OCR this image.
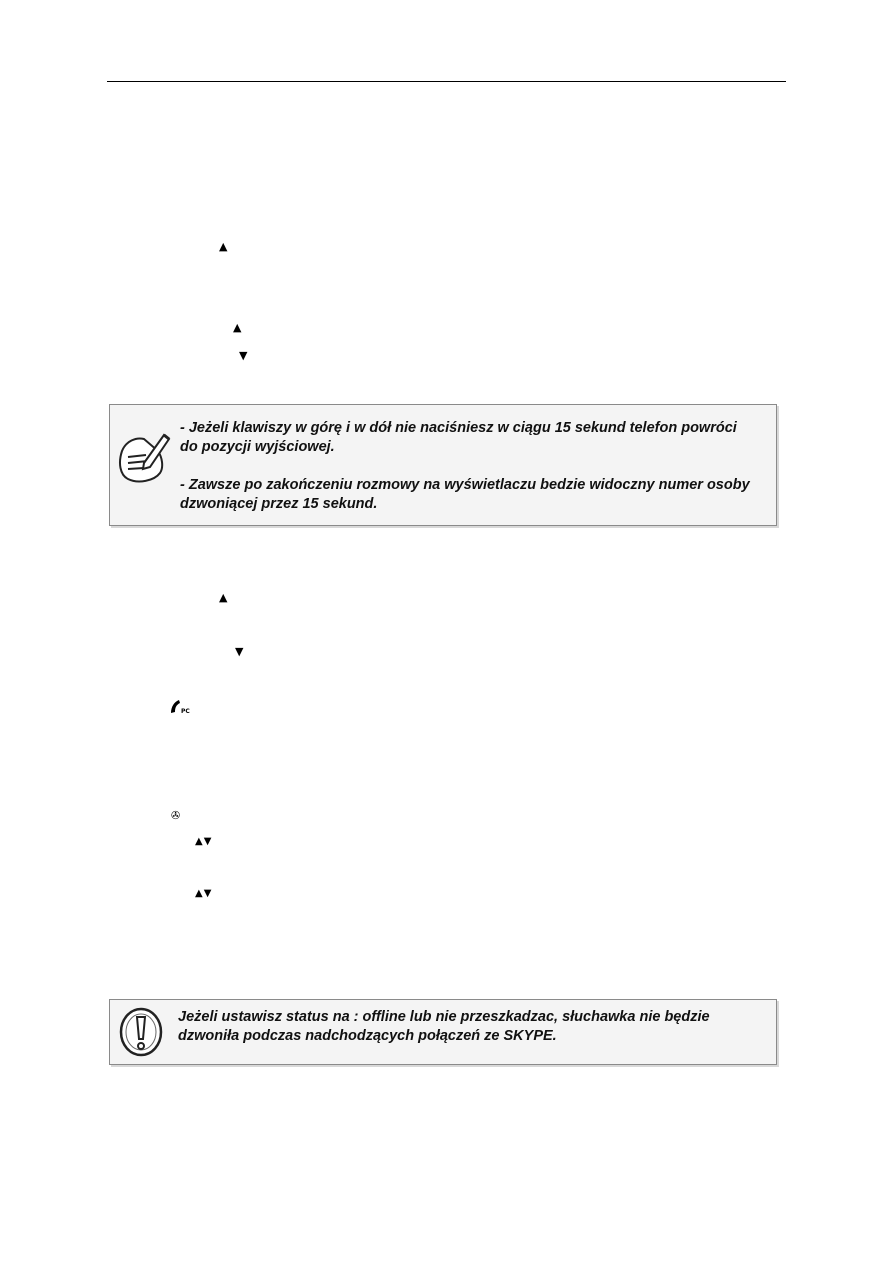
▲
▲
▼

- Jeżeli klawiszy w górę i w dół nie naciśniesz w ciągu 15 sekund telefon powróci

do pozycji wyjściowej.

- Zawsze po zakończeniu rozmowy na wyświetlaczu bedzie widoczny numer osoby

dzwoniącej przez 15 sekund.

▲
▼
PC
✇
▲▼
▲▼

Jeżeli ustawisz status na : offline lub nie przeszkadzac, słuchawka nie będzie

dzwoniła podczas nadchodzących połączeń ze SKYPE.
